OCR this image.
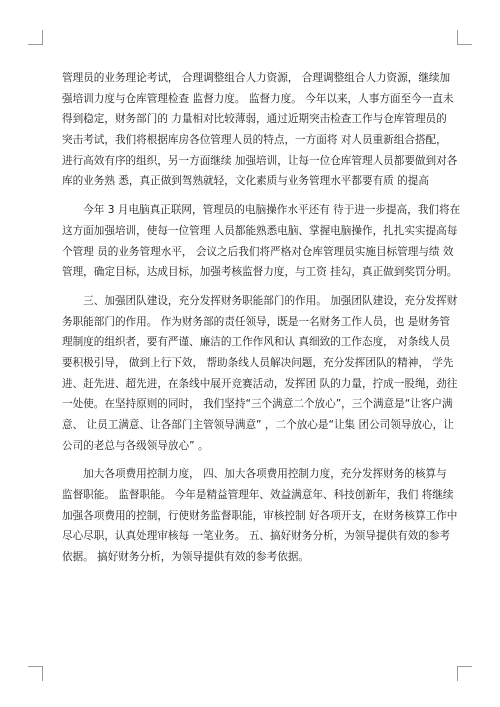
管理员的业务理论考试， 合理调整组合人力资源， 合理调整组合人力资源，继续加
强培训力度与仓库管理检查 监督力度。 监督力度。 今年以来，人事方面至今一直未
得到稳定，财务部门的 力量相对比较薄弱，通过近期突击检查工作与仓库管理员的
突击考试，我们将根据库房各位管理人员的特点，一方面将 对人员重新组合搭配，
进行高效有序的组织，另一方面继续 加强培训，让每一位仓库管理人员都要做到对各
库的业务熟 悉，真正做到驾熟就轻，文化素质与业务管理水平都要有质 的提高
　　今年 3 月电脑真正联网，管理员的电脑操作水平还有 待于进一步提高，我们将在
这方面加强培训，使每一位管理 人员都能熟悉电脑、掌握电脑操作，扎扎实实提高每
个管理 员的业务管理水平， 会议之后我们将严格对仓库管理员实施目标管理与绩 效
管理，确定目标，达成目标，加强考核监督力度，与工资 挂勾，真正做到奖罚分明。
　　三、加强团队建设，充分发挥财务职能部门的作用。 加强团队建设，充分发挥财
务职能部门的作用。 作为财务部的责任领导，既是一名财务工作人员，也 是财务管
理制度的组织者，要有严谨、廉洁的工作作风和认 真细致的工作态度， 对条线人员
要积极引导， 做到上行下效， 帮助条线人员解决问题，充分发挥团队的精神， 学先
进、赶先进、超先进，在条线中展开竞赛活动，发挥团 队的力量，拧成一股绳，劲往
一处使。在坚持原则的同时， 我们坚持“三个满意二个放心”，三个满意是“让客户满
意、 让员工满意、让各部门主管领导满意” ，二个放心是“让集 团公司领导放心，让
公司的老总与各级领导放心” 。
　　加大各项费用控制力度， 四、加大各项费用控制力度，充分发挥财务的核算与
监督职能。 监督职能。 今年是精益管理年、效益满意年、科技创新年，我们 将继续
加强各项费用的控制，行使财务监督职能，审核控制 好各项开支，在财务核算工作中
尽心尽职，认真处理审核每 一笔业务。 五、搞好财务分析，为领导提供有效的参考
依据。 搞好财务分析，为领导提供有效的参考依据。
